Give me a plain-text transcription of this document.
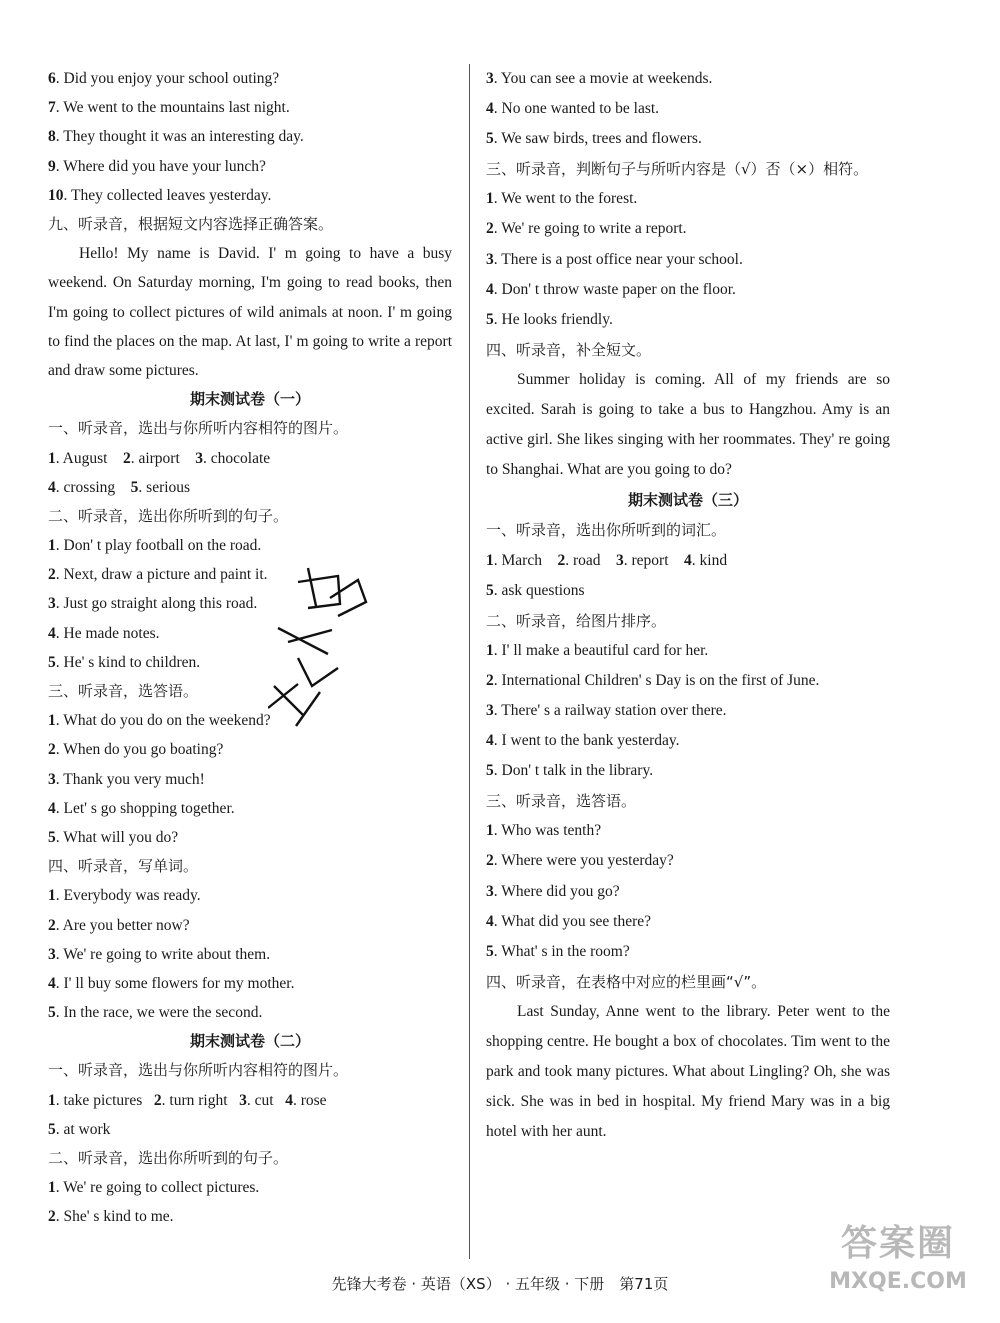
6. Did you enjoy your school outing?
7. We went to the mountains last night.
8. They thought it was an interesting day.
9. Where did you have your lunch?
10. They collected leaves yesterday.
九、听录音，根据短文内容选择正确答案。

Hello! My name is David. I' m going to have a busy weekend. On Saturday morning, I'm going to read books, then I'm going to collect pictures of wild animals at noon. I' m going to find the places on the map. At last, I' m going to write a report and draw some pictures.

期末测试卷（一）
一、听录音，选出与你所听内容相符的图片。
1. August 2. airport 3. chocolate
4. crossing 5. serious
二、听录音，选出你所听到的句子。
1. Don' t play football on the road.
2. Next, draw a picture and paint it.
3. Just go straight along this road.
4. He made notes.
5. He' s kind to children.
三、听录音，选答语。
1. What do you do on the weekend?
2. When do you go boating?
3. Thank you very much!
4. Let' s go shopping together.
5. What will you do?
四、听录音，写单词。
1. Everybody was ready.
2. Are you better now?
3. We' re going to write about them.
4. I' ll buy some flowers for my mother.
5. In the race, we were the second.
期末测试卷（二）
一、听录音，选出与你所听内容相符的图片。
1. take pictures 2. turn right 3. cut 4. rose
5. at work
二、听录音，选出你所听到的句子。
1. We' re going to collect pictures.
2. She' s kind to me.
3. You can see a movie at weekends.
4. No one wanted to be last.
5. We saw birds, trees and flowers.
三、听录音，判断句子与所听内容是（√）否（×）相符。
1. We went to the forest.
2. We' re going to write a report.
3. There is a post office near your school.
4. Don' t throw waste paper on the floor.
5. He looks friendly.
四、听录音，补全短文。

Summer holiday is coming. All of my friends are so excited. Sarah is going to take a bus to Hangzhou. Amy is an active girl. She likes singing with her roommates. They' re going to Shanghai. What are you going to do?

期末测试卷（三）
一、听录音，选出你所听到的词汇。
1. March 2. road 3. report 4. kind
5. ask questions
二、听录音，给图片排序。
1. I' ll make a beautiful card for her.
2. International Children' s Day is on the first of June.
3. There' s a railway station over there.
4. I went to the bank yesterday.
5. Don' t talk in the library.
三、听录音，选答语。
1. Who was tenth?
2. Where were you yesterday?
3. Where did you go?
4. What did you see there?
5. What' s in the room?
四、听录音，在表格中对应的栏里画“√”。

Last Sunday, Anne went to the library. Peter went to the shopping centre. He bought a box of chocolates. Tim went to the park and took many pictures. What about Lingling? Oh, she was sick. She was in bed in hospital. My friend Mary was in a big hotel with her aunt.

先锋大考卷 · 英语（XS） · 五年级 · 下册　第71页
答案圈
MXQE.COM
